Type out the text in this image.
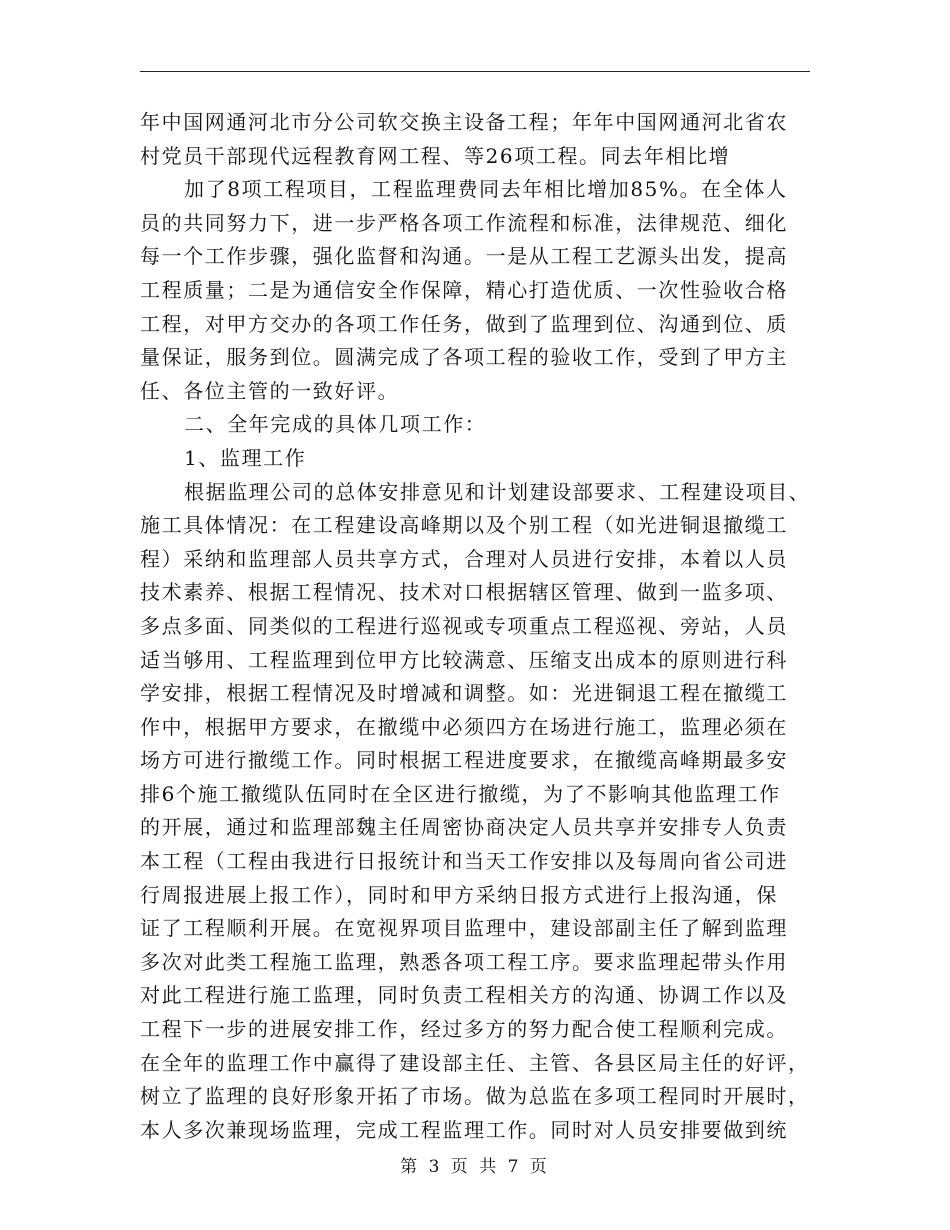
年中国网通河北市分公司软交换主设备工程；年年中国网通河北省农
村党员干部现代远程教育网工程、等26项工程。同去年相比增
加了8项工程项目，工程监理费同去年相比增加85%。在全体人
员的共同努力下，进一步严格各项工作流程和标准，法律规范、细化
每一个工作步骤，强化监督和沟通。一是从工程工艺源头出发，提高
工程质量；二是为通信安全作保障，精心打造优质、一次性验收合格
工程，对甲方交办的各项工作任务，做到了监理到位、沟通到位、质
量保证，服务到位。圆满完成了各项工程的验收工作，受到了甲方主
任、各位主管的一致好评。
二、全年完成的具体几项工作：
1、监理工作
根据监理公司的总体安排意见和计划建设部要求、工程建设项目、
施工具体情况：在工程建设高峰期以及个别工程（如光进铜退撤缆工
程）采纳和监理部人员共享方式，合理对人员进行安排，本着以人员
技术素养、根据工程情况、技术对口根据辖区管理、做到一监多项、
多点多面、同类似的工程进行巡视或专项重点工程巡视、旁站，人员
适当够用、工程监理到位甲方比较满意、压缩支出成本的原则进行科
学安排，根据工程情况及时增减和调整。如：光进铜退工程在撤缆工
作中，根据甲方要求，在撤缆中必须四方在场进行施工，监理必须在
场方可进行撤缆工作。同时根据工程进度要求，在撤缆高峰期最多安
排6个施工撤缆队伍同时在全区进行撤缆，为了不影响其他监理工作
的开展，通过和监理部魏主任周密协商决定人员共享并安排专人负责
本工程（工程由我进行日报统计和当天工作安排以及每周向省公司进
行周报进展上报工作），同时和甲方采纳日报方式进行上报沟通，保
证了工程顺利开展。在宽视界项目监理中，建设部副主任了解到监理
多次对此类工程施工监理，熟悉各项工程工序。要求监理起带头作用
对此工程进行施工监理，同时负责工程相关方的沟通、协调工作以及
工程下一步的进展安排工作，经过多方的努力配合使工程顺利完成。
在全年的监理工作中赢得了建设部主任、主管、各县区局主任的好评，
树立了监理的良好形象开拓了市场。做为总监在多项工程同时开展时，
本人多次兼现场监理，完成工程监理工作。同时对人员安排要做到统
第 3 页 共 7 页
